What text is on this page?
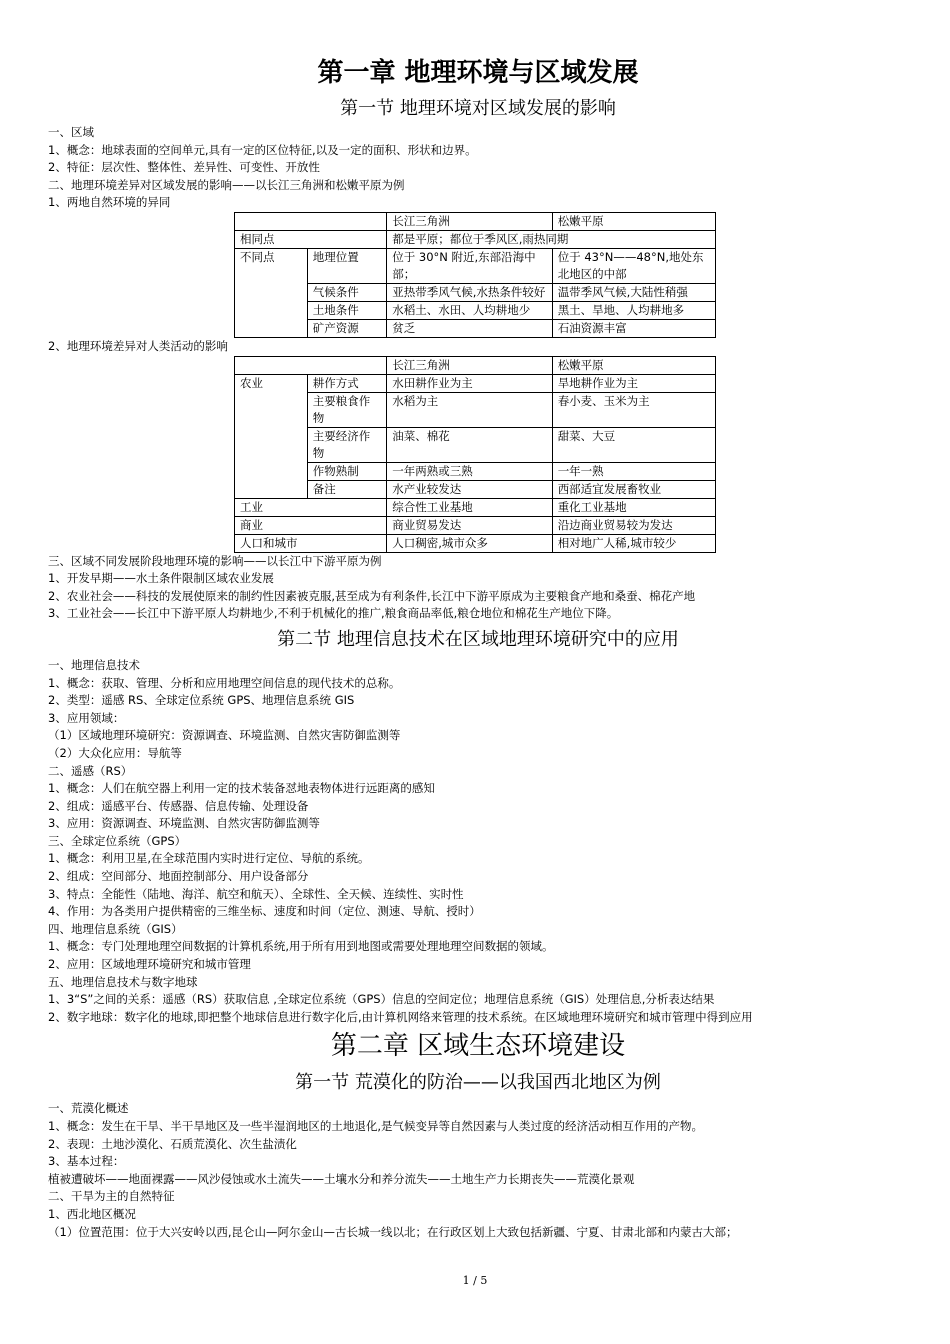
第一章 地理环境与区域发展
第一节 地理环境对区域发展的影响
一、区域
1、概念：地球表面的空间单元,具有一定的区位特征,以及一定的面积、形状和边界。
2、特征：层次性、整体性、差异性、可变性、开放性
二、地理环境差异对区域发展的影响——以长江三角洲和松嫩平原为例
1、两地自然环境的异同
		长江三角洲	松嫩平原
相同点		都是平原；都位于季风区,雨热同期	
不同点	地理位置	位于 30°N 附近,东部沿海中部；	位于 43°N——48°N,地处东北地区的中部
	气候条件	亚热带季风气候,水热条件较好	温带季风气候,大陆性稍强
	土地条件	水稻土、水田、人均耕地少	黑土、旱地、人均耕地多
	矿产资源	贫乏	石油资源丰富
2、地理环境差异对人类活动的影响
		长江三角洲	松嫩平原
农业	耕作方式	水田耕作业为主	旱地耕作业为主
	主要粮食作物	水稻为主	春小麦、玉米为主
	主要经济作物	油菜、棉花	甜菜、大豆
	作物熟制	一年两熟或三熟	一年一熟
	备注	水产业较发达	西部适宜发展畜牧业
工业		综合性工业基地	重化工业基地
商业		商业贸易发达	沿边商业贸易较为发达
人口和城市		人口稠密,城市众多	相对地广人稀,城市较少
三、区域不同发展阶段地理环境的影响——以长江中下游平原为例
1、开发早期——水土条件限制区域农业发展
2、农业社会——科技的发展使原来的制约性因素被克服,甚至成为有利条件,长江中下游平原成为主要粮食产地和桑蚕、棉花产地
3、工业社会——长江中下游平原人均耕地少,不利于机械化的推广,粮食商品率低,粮仓地位和棉花生产地位下降。
第二节 地理信息技术在区域地理环境研究中的应用
一、地理信息技术
1、概念：获取、管理、分析和应用地理空间信息的现代技术的总称。
2、类型：遥感 RS、全球定位系统 GPS、地理信息系统 GIS
3、应用领域：
（1）区域地理环境研究：资源调查、环境监测、自然灾害防御监测等
（2）大众化应用：导航等
二、遥感（RS）
1、概念：人们在航空器上利用一定的技术装备怼地表物体进行远距离的感知
2、组成：遥感平台、传感器、信息传输、处理设备
3、应用：资源调查、环境监测、自然灾害防御监测等
三、全球定位系统（GPS）
1、概念：利用卫星,在全球范围内实时进行定位、导航的系统。
2、组成：空间部分、地面控制部分、用户设备部分
3、特点：全能性（陆地、海洋、航空和航天）、全球性、全天候、连续性、实时性
4、作用：为各类用户提供精密的三维坐标、速度和时间（定位、测速、导航、授时）
四、地理信息系统（GIS）
1、概念：专门处理地理空间数据的计算机系统,用于所有用到地图或需要处理地理空间数据的领域。
2、应用：区域地理环境研究和城市管理
五、地理信息技术与数字地球
1、3“S”之间的关系：遥感（RS）获取信息 ,全球定位系统（GPS）信息的空间定位；地理信息系统（GIS）处理信息,分析表达结果
2、数字地球：数字化的地球,即把整个地球信息进行数字化后,由计算机网络来管理的技术系统。在区域地理环境研究和城市管理中得到应用
第二章 区域生态环境建设
第一节 荒漠化的防治——以我国西北地区为例
一、荒漠化概述
1、概念：发生在干旱、半干旱地区及一些半湿润地区的土地退化,是气候变异等自然因素与人类过度的经济活动相互作用的产物。
2、表现：土地沙漠化、石质荒漠化、次生盐渍化
3、基本过程：
植被遭破坏——地面裸露——风沙侵蚀或水土流失——土壤水分和养分流失——土地生产力长期丧失——荒漠化景观
二、干旱为主的自然特征
1、西北地区概况
（1）位置范围：位于大兴安岭以西,昆仑山—阿尔金山—古长城一线以北；在行政区划上大致包括新疆、宁夏、甘肃北部和内蒙古大部；
1 / 5
